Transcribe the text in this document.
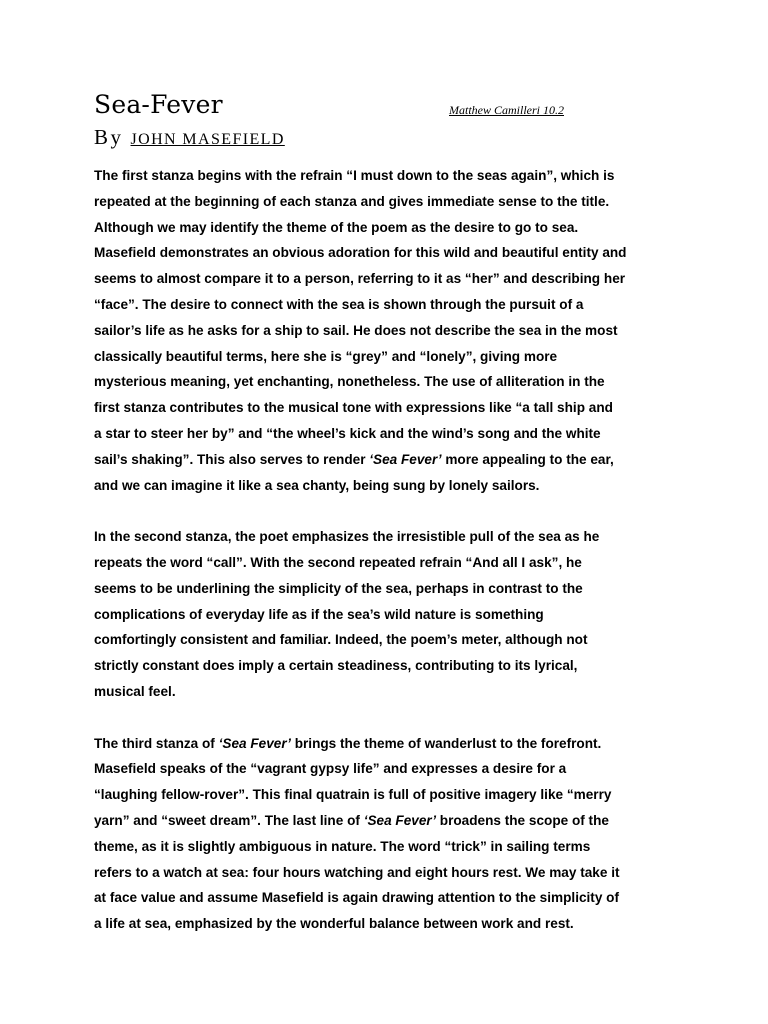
Sea-Fever	Matthew Camilleri 10.2
By JOHN MASEFIELD

The first stanza begins with the refrain “I must down to the seas again”, which is
repeated at the beginning of each stanza and gives immediate sense to the title.
Although we may identify the theme of the poem as the desire to go to sea.
Masefield demonstrates an obvious adoration for this wild and beautiful entity and
seems to almost compare it to a person, referring to it as “her” and describing her
“face”. The desire to connect with the sea is shown through the pursuit of a
sailor’s life as he asks for a ship to sail. He does not describe the sea in the most
classically beautiful terms, here she is “grey” and “lonely”, giving more
mysterious meaning, yet enchanting, nonetheless. The use of alliteration in the
first stanza contributes to the musical tone with expressions like “a tall ship and
a star to steer her by” and “the wheel’s kick and the wind’s song and the white
sail’s shaking”. This also serves to render ‘Sea Fever’ more appealing to the ear,
and we can imagine it like a sea chanty, being sung by lonely sailors.

In the second stanza, the poet emphasizes the irresistible pull of the sea as he
repeats the word “call”. With the second repeated refrain “And all I ask”, he
seems to be underlining the simplicity of the sea, perhaps in contrast to the
complications of everyday life as if the sea’s wild nature is something
comfortingly consistent and familiar. Indeed, the poem’s meter, although not
strictly constant does imply a certain steadiness, contributing to its lyrical,
musical feel.

The third stanza of ‘Sea Fever’ brings the theme of wanderlust to the forefront.
Masefield speaks of the “vagrant gypsy life” and expresses a desire for a
“laughing fellow-rover”. This final quatrain is full of positive imagery like “merry
yarn” and “sweet dream”. The last line of ‘Sea Fever’ broadens the scope of the
theme, as it is slightly ambiguous in nature. The word “trick” in sailing terms
refers to a watch at sea: four hours watching and eight hours rest. We may take it
at face value and assume Masefield is again drawing attention to the simplicity of
a life at sea, emphasized by the wonderful balance between work and rest.
